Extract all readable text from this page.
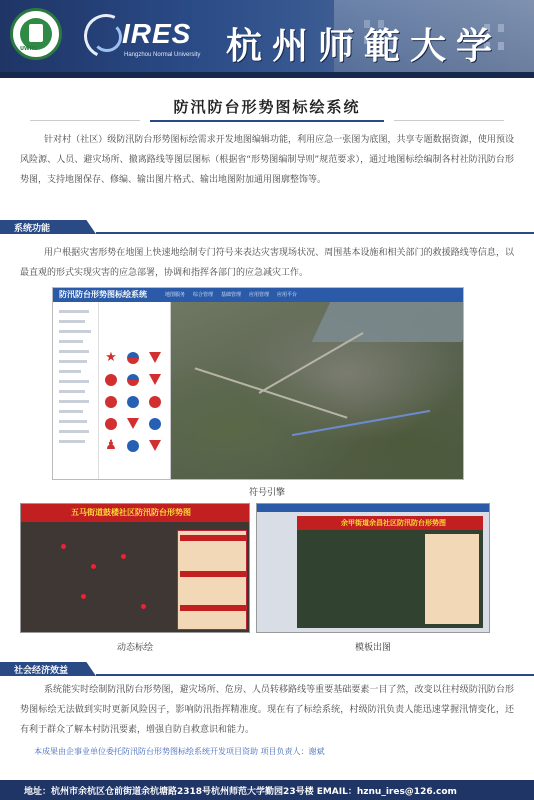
UWRC	IRES
Hangzhou Normal University 杭州师範大学
防汛防台形势图标绘系统
针对村（社区）级防汛防台形势图标绘需求开发地图编辑功能，利用应急一张图为底图，共享专题数据资源，使用预设风险源、人员、避灾场所、撤离路线等图层图标（根据省“形势图编制导则”规范要求），通过地图标绘编制各村社防汛防台形势图，支持地图保存、修编、输出图片格式、输出地图附加通用图廓整饰等。
系统功能
用户根据灾害形势在地图上快速地绘制专门符号来表达灾害现场状况、周围基本设施和相关部门的救援路线等信息，以最直观的形式实现灾害的应急部署，协调和指挥各部门的应急减灾工作。
防汛防台形势图标绘系统	地图服务 综合管理 基础管理 应用管理 应用平台
★
♟
符号引擎
五马街道鼓楼社区防汛防台形势图
动态标绘
余甲街道余昌社区防汛防台形势图
模板出图
社会经济效益
系统能实时绘制防汛防台形势图，避灾场所、危房、人员转移路线等重要基础要素一目了然，改变以往村级防汛防台形势图标绘无法做到实时更新风险因子，影响防汛指挥精准度。现在有了标绘系统，村级防汛负责人能迅速掌握汛情变化，还有利于群众了解本村防汛要素，增强自防自救意识和能力。
本成果由企事业单位委托防汛防台形势图标绘系统开发项目资助 项目负责人：谢斌
地址：杭州市余杭区仓前街道余杭塘路2318号杭州师范大学勤园23号楼 EMAIL：hznu_ires@126.com
